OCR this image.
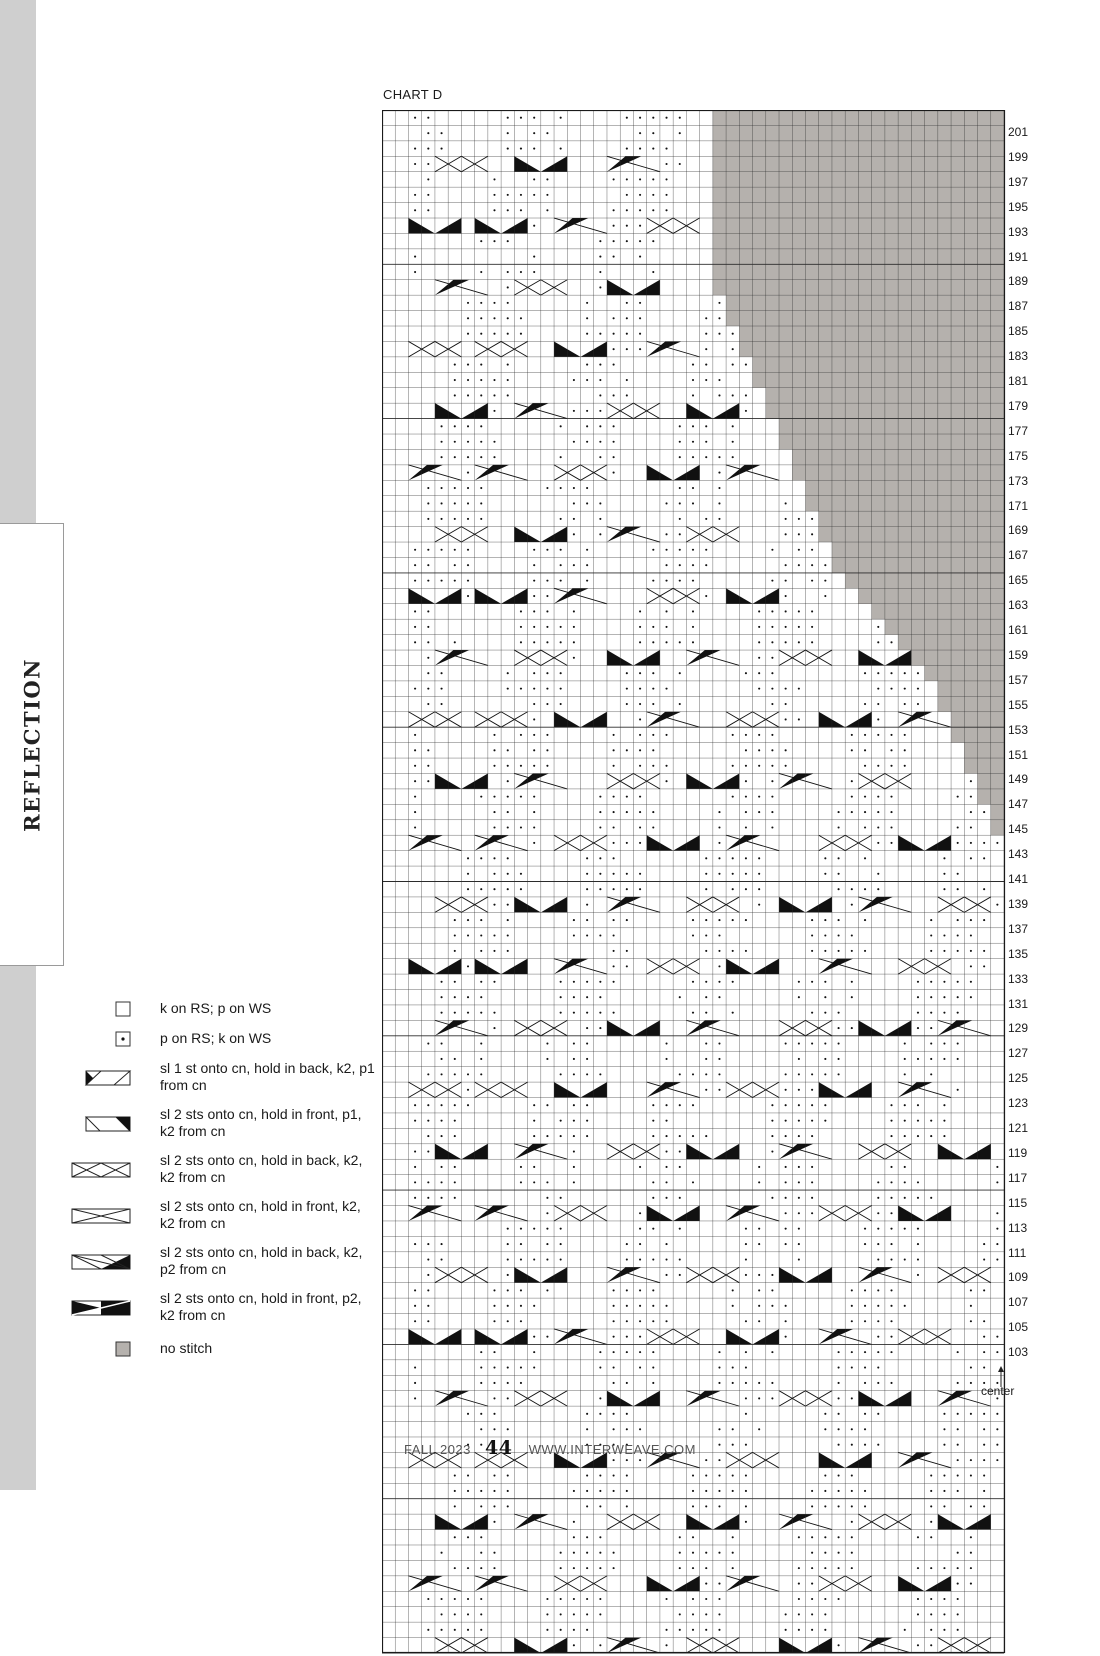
REFLECTION
CHART D
201
199
197
195
193
191
189
187
185
183
181
179
177
175
173
171
169
167
165
163
161
159
157
155
153
151
149
147
145
143
141
139
137
135
133
131
129
127
125
123
121
119
117
115
113
111
109
107
105
103
center
k on RS; p on WS
p on RS; k on WS
sl 1 st onto cn, hold in back, k2, p1 from cn
sl 2 sts onto cn, hold in front, p1, k2 from cn
sl 2 sts onto cn, hold in back, k2, k2 from cn
sl 2 sts onto cn, hold in front, k2, k2 from cn
sl 2 sts onto cn, hold in back, k2, p2 from cn
sl 2 sts onto cn, hold in front, p2, k2 from cn
no stitch
FALL 2023 44 WWW.INTERWEAVE.COM
